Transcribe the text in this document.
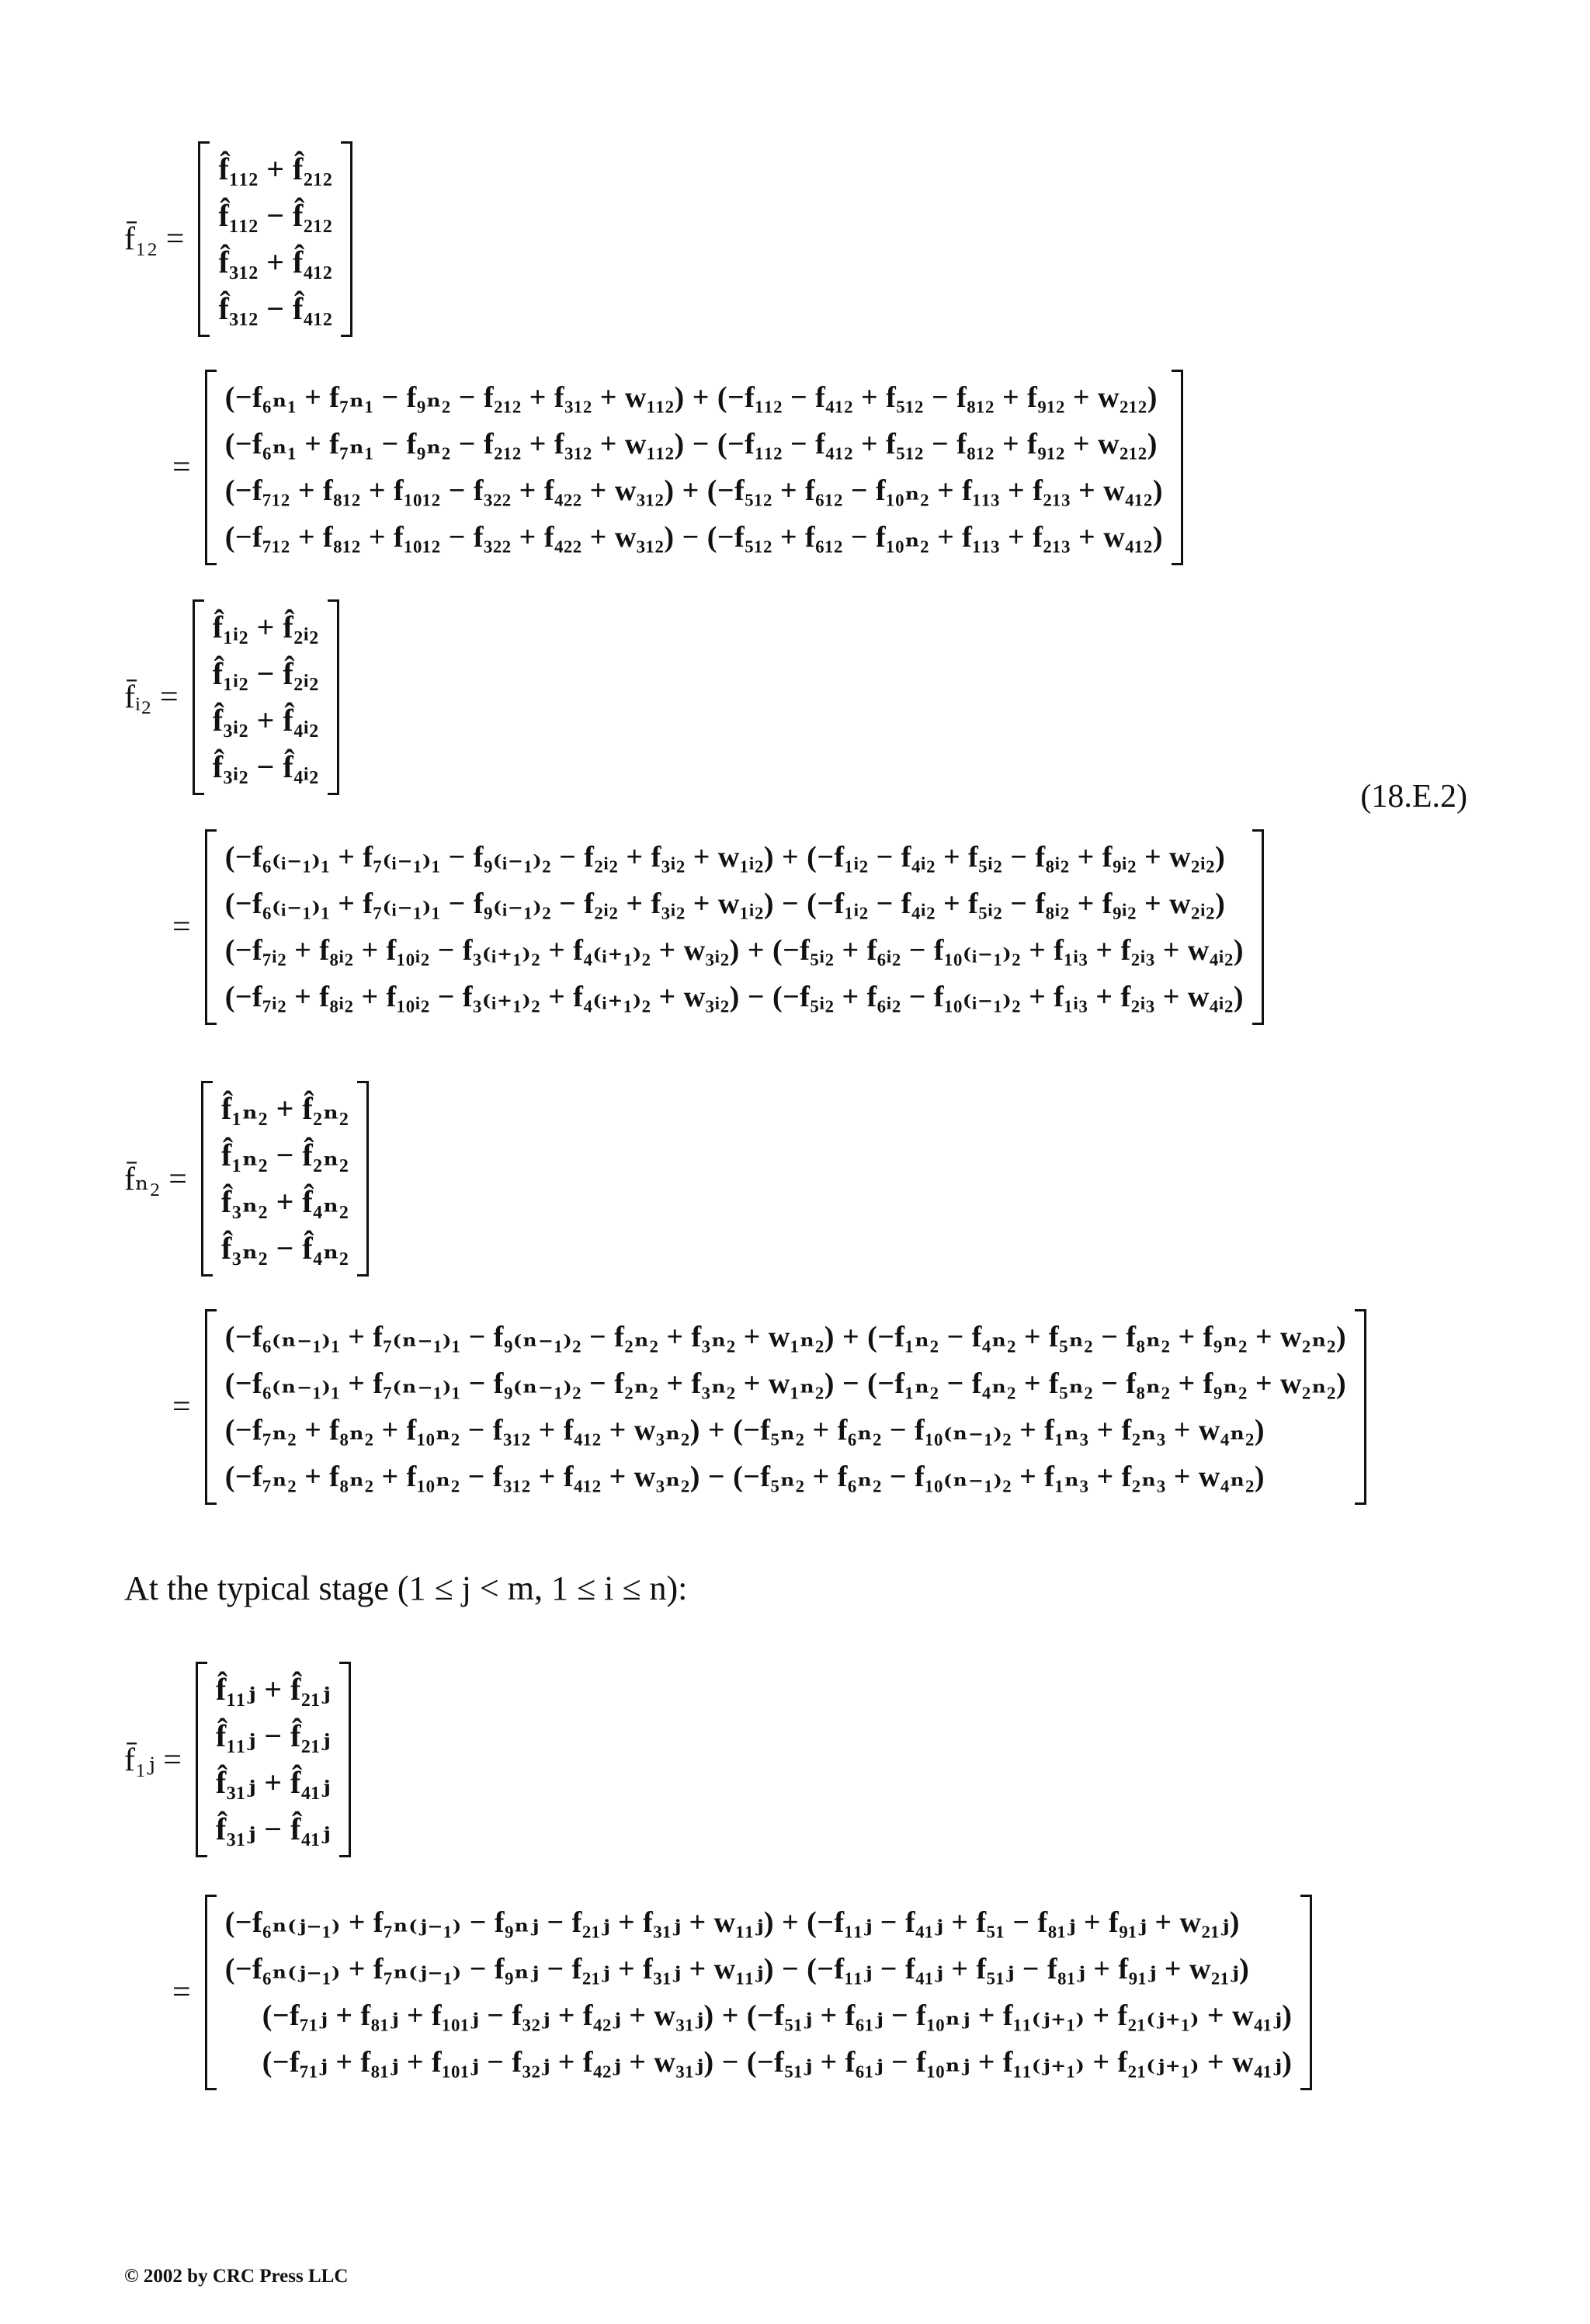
f̄₁₂ =
f̂₁₁₂ + f̂₂₁₂
f̂₁₁₂ − f̂₂₁₂
f̂₃₁₂ + f̂₄₁₂
f̂₃₁₂ − f̂₄₁₂
=
(−f₆ₙ₁ + f₇ₙ₁ − f₉ₙ₂ − f₂₁₂ + f₃₁₂ + w₁₁₂) + (−f₁₁₂ − f₄₁₂ + f₅₁₂ − f₈₁₂ + f₉₁₂ + w₂₁₂)
(−f₆ₙ₁ + f₇ₙ₁ − f₉ₙ₂ − f₂₁₂ + f₃₁₂ + w₁₁₂) − (−f₁₁₂ − f₄₁₂ + f₅₁₂ − f₈₁₂ + f₉₁₂ + w₂₁₂)
(−f₇₁₂ + f₈₁₂ + f₁₀₁₂ − f₃₂₂ + f₄₂₂ + w₃₁₂) + (−f₅₁₂ + f₆₁₂ − f₁₀ₙ₂ + f₁₁₃ + f₂₁₃ + w₄₁₂)
(−f₇₁₂ + f₈₁₂ + f₁₀₁₂ − f₃₂₂ + f₄₂₂ + w₃₁₂) − (−f₅₁₂ + f₆₁₂ − f₁₀ₙ₂ + f₁₁₃ + f₂₁₃ + w₄₁₂)
f̄ᵢ₂ =
f̂₁ᵢ₂ + f̂₂ᵢ₂
f̂₁ᵢ₂ − f̂₂ᵢ₂
f̂₃ᵢ₂ + f̂₄ᵢ₂
f̂₃ᵢ₂ − f̂₄ᵢ₂
(18.E.2)
=
(−f₆₍ᵢ₋₁₎₁ + f₇₍ᵢ₋₁₎₁ − f₉₍ᵢ₋₁₎₂ − f₂ᵢ₂ + f₃ᵢ₂ + w₁ᵢ₂) + (−f₁ᵢ₂ − f₄ᵢ₂ + f₅ᵢ₂ − f₈ᵢ₂ + f₉ᵢ₂ + w₂ᵢ₂)
(−f₆₍ᵢ₋₁₎₁ + f₇₍ᵢ₋₁₎₁ − f₉₍ᵢ₋₁₎₂ − f₂ᵢ₂ + f₃ᵢ₂ + w₁ᵢ₂) − (−f₁ᵢ₂ − f₄ᵢ₂ + f₅ᵢ₂ − f₈ᵢ₂ + f₉ᵢ₂ + w₂ᵢ₂)
(−f₇ᵢ₂ + f₈ᵢ₂ + f₁₀ᵢ₂ − f₃₍ᵢ₊₁₎₂ + f₄₍ᵢ₊₁₎₂ + w₃ᵢ₂) + (−f₅ᵢ₂ + f₆ᵢ₂ − f₁₀₍ᵢ₋₁₎₂ + f₁ᵢ₃ + f₂ᵢ₃ + w₄ᵢ₂)
(−f₇ᵢ₂ + f₈ᵢ₂ + f₁₀ᵢ₂ − f₃₍ᵢ₊₁₎₂ + f₄₍ᵢ₊₁₎₂ + w₃ᵢ₂) − (−f₅ᵢ₂ + f₆ᵢ₂ − f₁₀₍ᵢ₋₁₎₂ + f₁ᵢ₃ + f₂ᵢ₃ + w₄ᵢ₂)
f̄ₙ₂ =
f̂₁ₙ₂ + f̂₂ₙ₂
f̂₁ₙ₂ − f̂₂ₙ₂
f̂₃ₙ₂ + f̂₄ₙ₂
f̂₃ₙ₂ − f̂₄ₙ₂
=
(−f₆₍ₙ₋₁₎₁ + f₇₍ₙ₋₁₎₁ − f₉₍ₙ₋₁₎₂ − f₂ₙ₂ + f₃ₙ₂ + w₁ₙ₂) + (−f₁ₙ₂ − f₄ₙ₂ + f₅ₙ₂ − f₈ₙ₂ + f₉ₙ₂ + w₂ₙ₂)
(−f₆₍ₙ₋₁₎₁ + f₇₍ₙ₋₁₎₁ − f₉₍ₙ₋₁₎₂ − f₂ₙ₂ + f₃ₙ₂ + w₁ₙ₂) − (−f₁ₙ₂ − f₄ₙ₂ + f₅ₙ₂ − f₈ₙ₂ + f₉ₙ₂ + w₂ₙ₂)
(−f₇ₙ₂ + f₈ₙ₂ + f₁₀ₙ₂ − f₃₁₂ + f₄₁₂ + w₃ₙ₂) + (−f₅ₙ₂ + f₆ₙ₂ − f₁₀₍ₙ₋₁₎₂ + f₁ₙ₃ + f₂ₙ₃ + w₄ₙ₂)
(−f₇ₙ₂ + f₈ₙ₂ + f₁₀ₙ₂ − f₃₁₂ + f₄₁₂ + w₃ₙ₂) − (−f₅ₙ₂ + f₆ₙ₂ − f₁₀₍ₙ₋₁₎₂ + f₁ₙ₃ + f₂ₙ₃ + w₄ₙ₂)
At the typical stage (1 ≤ j < m, 1 ≤ i ≤ n):
f̄₁ⱼ =
f̂₁₁ⱼ + f̂₂₁ⱼ
f̂₁₁ⱼ − f̂₂₁ⱼ
f̂₃₁ⱼ + f̂₄₁ⱼ
f̂₃₁ⱼ − f̂₄₁ⱼ
=
(−f₆ₙ₍ⱼ₋₁₎ + f₇ₙ₍ⱼ₋₁₎ − f₉ₙⱼ − f₂₁ⱼ + f₃₁ⱼ + w₁₁ⱼ) + (−f₁₁ⱼ − f₄₁ⱼ + f₅₁ − f₈₁ⱼ + f₉₁ⱼ + w₂₁ⱼ)
(−f₆ₙ₍ⱼ₋₁₎ + f₇ₙ₍ⱼ₋₁₎ − f₉ₙⱼ − f₂₁ⱼ + f₃₁ⱼ + w₁₁ⱼ) − (−f₁₁ⱼ − f₄₁ⱼ + f₅₁ⱼ − f₈₁ⱼ + f₉₁ⱼ + w₂₁ⱼ)
(−f₇₁ⱼ + f₈₁ⱼ + f₁₀₁ⱼ − f₃₂ⱼ + f₄₂ⱼ + w₃₁ⱼ) + (−f₅₁ⱼ + f₆₁ⱼ − f₁₀ₙⱼ + f₁₁₍ⱼ₊₁₎ + f₂₁₍ⱼ₊₁₎ + w₄₁ⱼ)
(−f₇₁ⱼ + f₈₁ⱼ + f₁₀₁ⱼ − f₃₂ⱼ + f₄₂ⱼ + w₃₁ⱼ) − (−f₅₁ⱼ + f₆₁ⱼ − f₁₀ₙⱼ + f₁₁₍ⱼ₊₁₎ + f₂₁₍ⱼ₊₁₎ + w₄₁ⱼ)
© 2002 by CRC Press LLC
